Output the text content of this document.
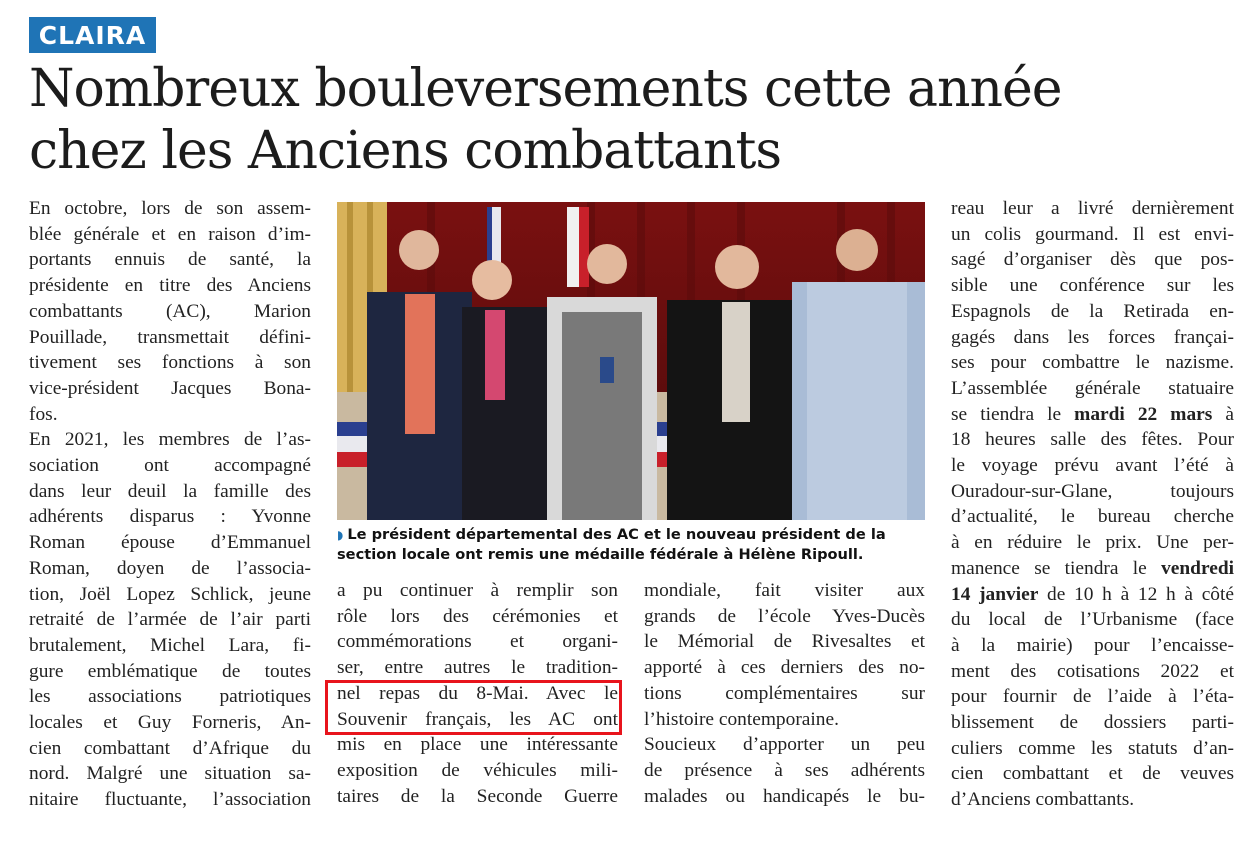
CLAIRA
Nombreux bouleversements cette année
chez les Anciens combattants
En octobre, lors de son assem-
blée générale et en raison d’im-
portants ennuis de santé, la
présidente en titre des Anciens
combattants (AC), Marion
Pouillade, transmettait défini-
tivement ses fonctions à son
vice-président Jacques Bona-
fos.
En 2021, les membres de l’as-
sociation ont accompagné
dans leur deuil la famille des
adhérents disparus : Yvonne
Roman épouse d’Emmanuel
Roman, doyen de l’associa-
tion, Joël Lopez Schlick, jeune
retraité de l’armée de l’air parti
brutalement, Michel Lara, fi-
gure emblématique de toutes
les associations patriotiques
locales et Guy Forneris, An-
cien combattant d’Afrique du
nord. Malgré une situation sa-
nitaire fluctuante, l’association
◗ Le président départemental des AC et le nouveau président de la
section locale ont remis une médaille fédérale à Hélène Ripoull.
a pu continuer à remplir son
rôle lors des cérémonies et
commémorations et organi-
ser, entre autres le tradition-
nel repas du 8-Mai. Avec le
Souvenir français, les AC ont
mis en place une intéressante
exposition de véhicules mili-
taires de la Seconde Guerre
mondiale, fait visiter aux
grands de l’école Yves-Ducès
le Mémorial de Rivesaltes et
apporté à ces derniers des no-
tions complémentaires sur
l’histoire contemporaine.
Soucieux d’apporter un peu
de présence à ses adhérents
malades ou handicapés le bu-
reau leur a livré dernièrement
un colis gourmand. Il est envi-
sagé d’organiser dès que pos-
sible une conférence sur les
Espagnols de la Retirada en-
gagés dans les forces françai-
ses pour combattre le nazisme.
L’assemblée générale statuaire
se tiendra le mardi 22 mars à
18 heures salle des fêtes. Pour
le voyage prévu avant l’été à
Ouradour-sur-Glane, toujours
d’actualité, le bureau cherche
à en réduire le prix. Une per-
manence se tiendra le vendredi
14 janvier de 10 h à 12 h à côté
du local de l’Urbanisme (face
à la mairie) pour l’encaisse-
ment des cotisations 2022 et
pour fournir de l’aide à l’éta-
blissement de dossiers parti-
culiers comme les statuts d’an-
cien combattant et de veuves
d’Anciens combattants.
